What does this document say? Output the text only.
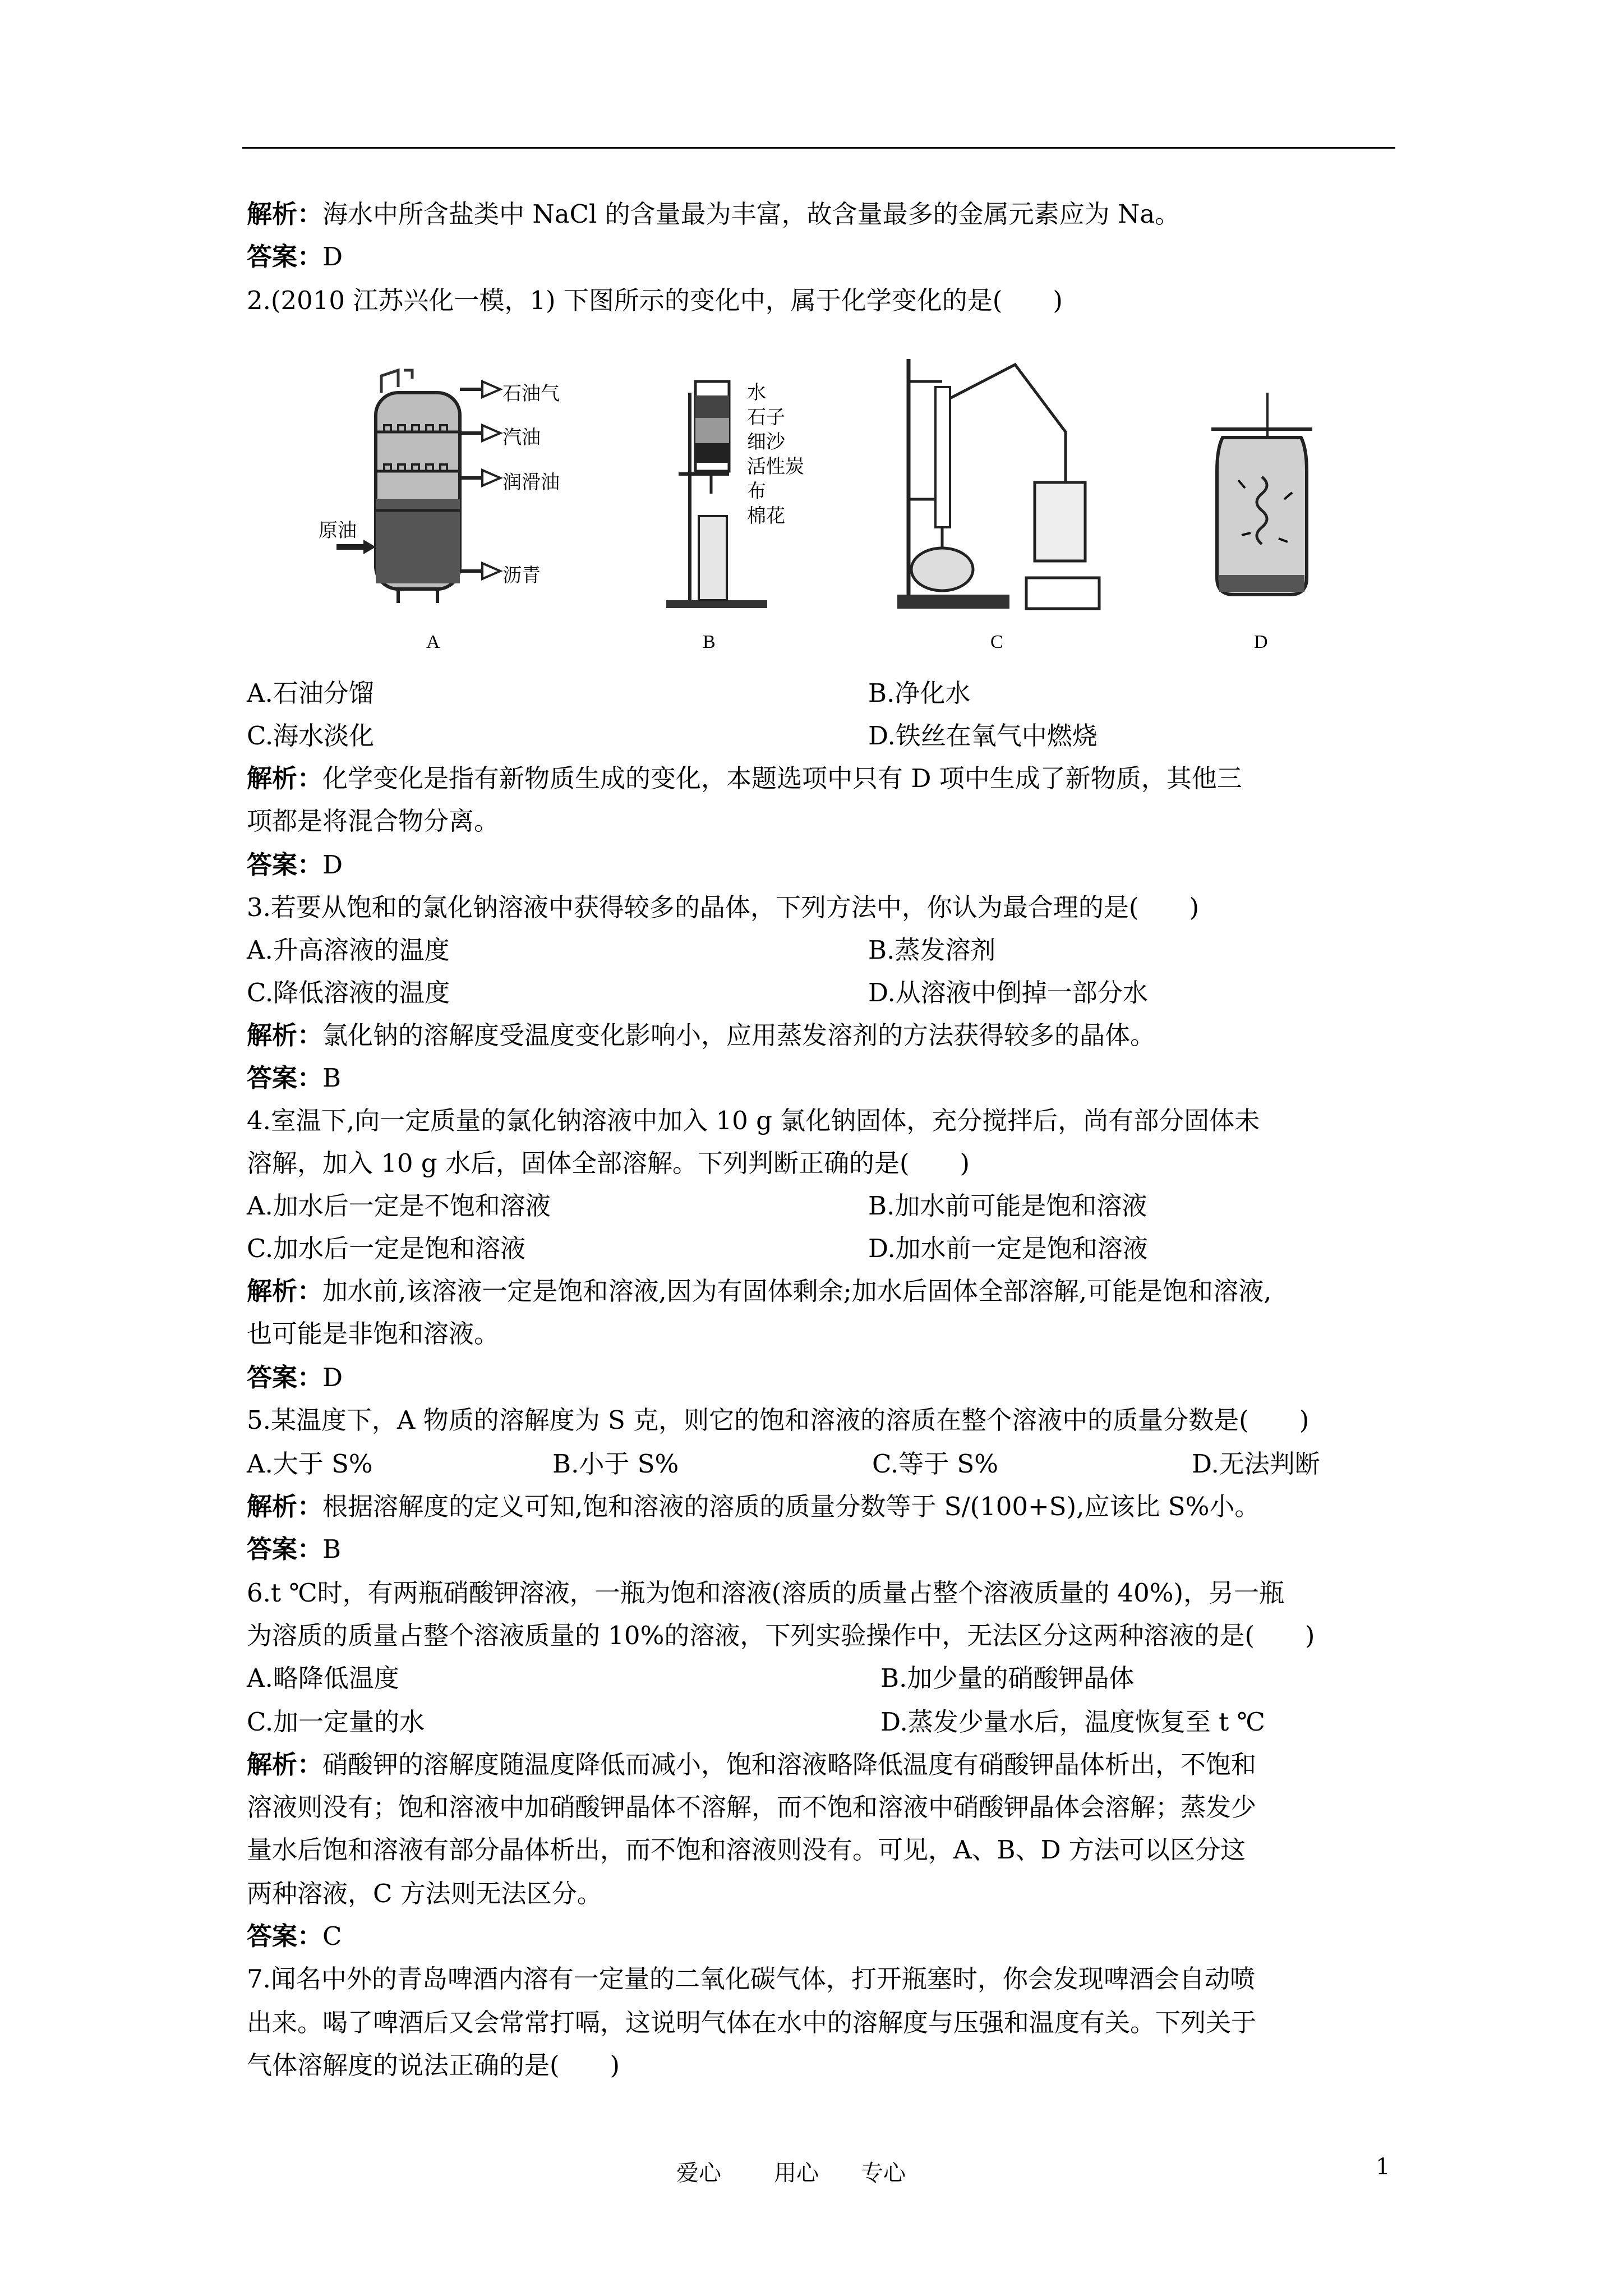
解析：海水中所含盐类中 NaCl 的含量最为丰富，故含量最多的金属元素应为 Na。
答案：D
2.(2010 江苏兴化一模，1) 下图所示的变化中，属于化学变化的是(　　)
石油气
汽油
润滑油
沥青
原油
水
石子
细沙
活性炭
布
棉花
A	B	C	D
A.石油分馏	B.净化水
C.海水淡化	D.铁丝在氧气中燃烧
解析：化学变化是指有新物质生成的变化，本题选项中只有 D 项中生成了新物质，其他三
项都是将混合物分离。
答案：D
3.若要从饱和的氯化钠溶液中获得较多的晶体，下列方法中，你认为最合理的是(　　)
A.升高溶液的温度	B.蒸发溶剂
C.降低溶液的温度	D.从溶液中倒掉一部分水
解析：氯化钠的溶解度受温度变化影响小，应用蒸发溶剂的方法获得较多的晶体。
答案：B
4.室温下,向一定质量的氯化钠溶液中加入 10 g 氯化钠固体，充分搅拌后，尚有部分固体未
溶解，加入 10 g 水后，固体全部溶解。下列判断正确的是(　　)
A.加水后一定是不饱和溶液	B.加水前可能是饱和溶液
C.加水后一定是饱和溶液	D.加水前一定是饱和溶液
解析：加水前,该溶液一定是饱和溶液,因为有固体剩余;加水后固体全部溶解,可能是饱和溶液,
也可能是非饱和溶液。
答案：D
5.某温度下，A 物质的溶解度为 S 克，则它的饱和溶液的溶质在整个溶液中的质量分数是(　　)
A.大于 S%	B.小于 S%	C.等于 S%	D.无法判断
解析：根据溶解度的定义可知,饱和溶液的溶质的质量分数等于 S/(100+S),应该比 S%小。
答案：B
6.t ℃时，有两瓶硝酸钾溶液，一瓶为饱和溶液(溶质的质量占整个溶液质量的 40%)，另一瓶
为溶质的质量占整个溶液质量的 10%的溶液，下列实验操作中，无法区分这两种溶液的是(　　)
A.略降低温度	B.加少量的硝酸钾晶体
C.加一定量的水	D.蒸发少量水后，温度恢复至 t ℃
解析：硝酸钾的溶解度随温度降低而减小，饱和溶液略降低温度有硝酸钾晶体析出，不饱和
溶液则没有；饱和溶液中加硝酸钾晶体不溶解，而不饱和溶液中硝酸钾晶体会溶解；蒸发少
量水后饱和溶液有部分晶体析出，而不饱和溶液则没有。可见，A、B、D 方法可以区分这
两种溶液，C 方法则无法区分。
答案：C
7.闻名中外的青岛啤酒内溶有一定量的二氧化碳气体，打开瓶塞时，你会发现啤酒会自动喷
出来。喝了啤酒后又会常常打嗝，这说明气体在水中的溶解度与压强和温度有关。下列关于
气体溶解度的说法正确的是(　　)
爱心 用心 专心	1
